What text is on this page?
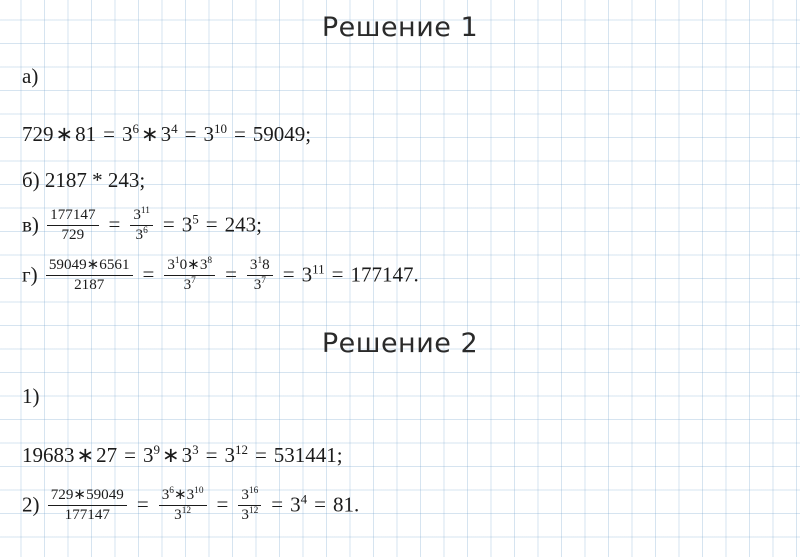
Решение 1
а)
729∗81 = $3^6∗3^4 = 3^{10} = 59049$;
б) 2187 * 243;
$в) \frac{177147}{729} = \frac{3^{11}}{3^6} = 3^5 = 243$;
$г) \frac{59049∗6561}{2187} = \frac{3^10∗3^8}{3^7} = \frac{3^18}{3^7} = 3^{11} = 177147$.
Решение 2
1)
19683∗27 = $3^9∗3^3 = 3^{12} = 531441$;
$2) \frac{729∗59049}{177147} = \frac{3^6∗3^{10}}{3^{12}} = \frac{3^{16}}{3^{12}} = 3^4 = 81$.
